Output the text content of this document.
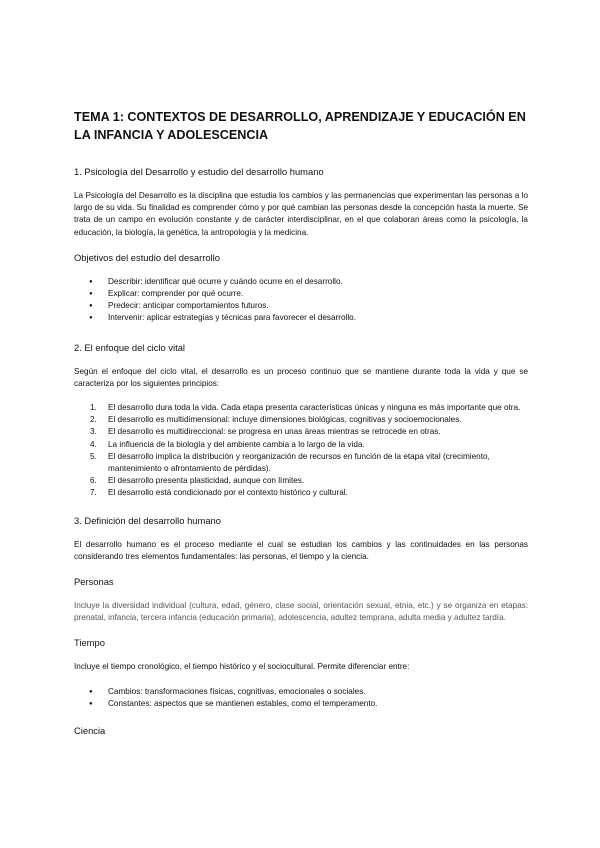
TEMA 1: CONTEXTOS DE DESARROLLO, APRENDIZAJE Y EDUCACIÓN EN LA INFANCIA Y ADOLESCENCIA
1. Psicología del Desarrollo y estudio del desarrollo humano

La Psicología del Desarrollo es la disciplina que estudia los cambios y las permanencias que experimentan las personas a lo largo de su vida. Su finalidad es comprender cómo y por qué cambian las personas desde la concepción hasta la muerte. Se trata de un campo en evolución constante y de carácter interdisciplinar, en el que colaboran áreas como la psicología, la educación, la biología, la genética, la antropología y la medicina.

Objetivos del estudio del desarrollo
● Describir: identificar qué ocurre y cuándo ocurre en el desarrollo.
● Explicar: comprender por qué ocurre.
● Predecir: anticipar comportamientos futuros.
● Intervenir: aplicar estrategias y técnicas para favorecer el desarrollo.
2. El enfoque del ciclo vital

Según el enfoque del ciclo vital, el desarrollo es un proceso continuo que se mantiene durante toda la vida y que se caracteriza por los siguientes principios:

1. El desarrollo dura toda la vida. Cada etapa presenta características únicas y ninguna es más importante que otra.
2. El desarrollo es multidimensional: incluye dimensiones biológicas, cognitivas y socioemocionales.
3. El desarrollo es multidireccional: se progresa en unas áreas mientras se retrocede en otras.
4. La influencia de la biología y del ambiente cambia a lo largo de la vida.
5. El desarrollo implica la distribución y reorganización de recursos en función de la etapa vital (crecimiento, mantenimiento o afrontamiento de pérdidas).
6. El desarrollo presenta plasticidad, aunque con límites.
7. El desarrollo está condicionado por el contexto histórico y cultural.
3. Definición del desarrollo humano

El desarrollo humano es el proceso mediante el cual se estudian los cambios y las continuidades en las personas considerando tres elementos fundamentales: las personas, el tiempo y la ciencia.

Personas

Incluye la diversidad individual (cultura, edad, género, clase social, orientación sexual, etnia, etc.) y se organiza en etapas: prenatal, infancia, tercera infancia (educación primaria), adolescencia, adultez temprana, adulta media y adultez tardía.

Tiempo

Incluye el tiempo cronológico, el tiempo histórico y el sociocultural. Permite diferenciar entre:

● Cambios: transformaciones físicas, cognitivas, emocionales o sociales.
● Constantes: aspectos que se mantienen estables, como el temperamento.
Ciencia
